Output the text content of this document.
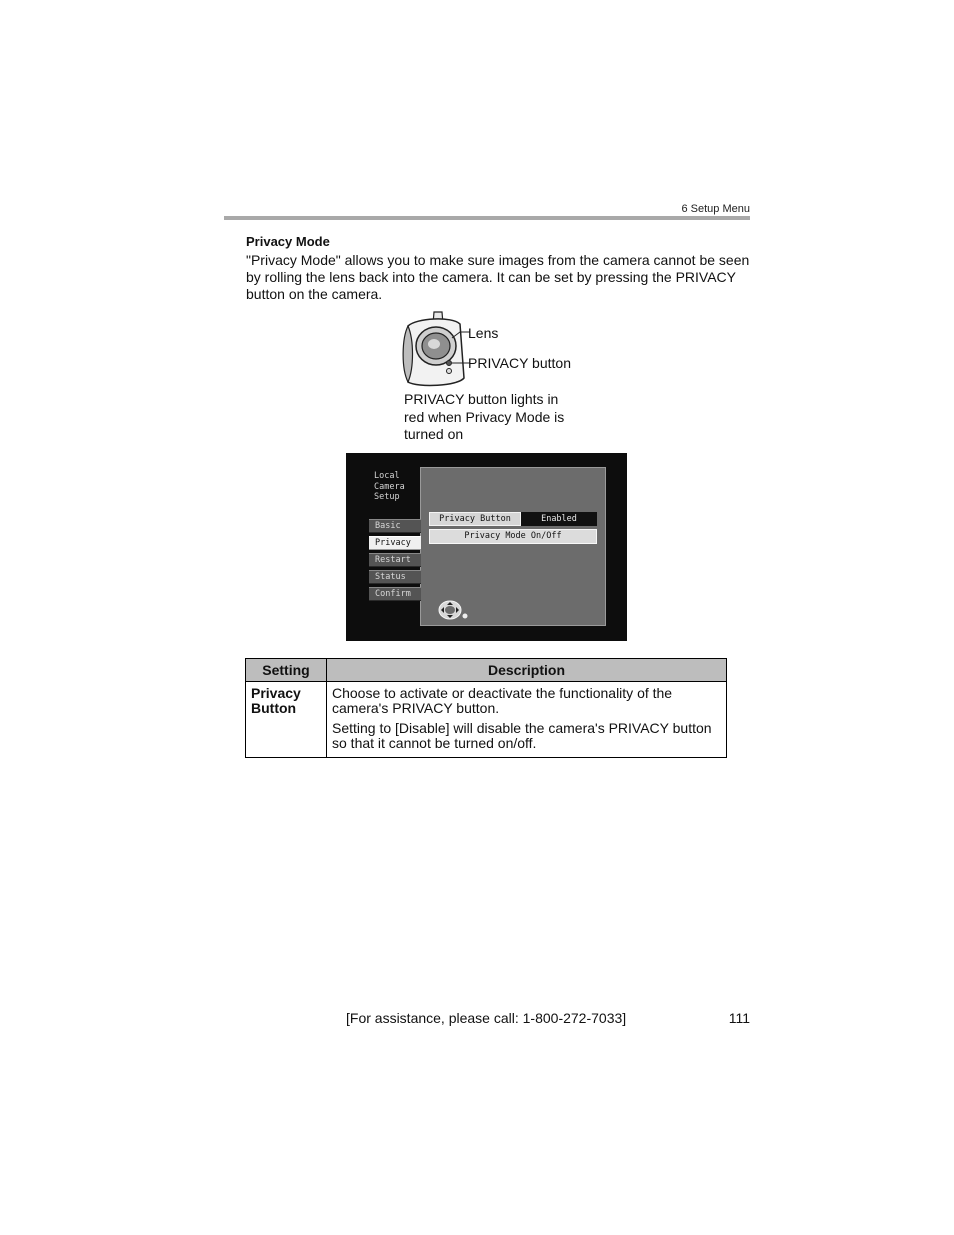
6 Setup Menu
Privacy Mode
"Privacy Mode" allows you to make sure images from the camera cannot be seen by rolling the lens back into the camera. It can be set by pressing the PRIVACY button on the camera.
Lens
PRIVACY button
PRIVACY button lights in red when Privacy Mode is turned on
Local
Camera
Setup
Basic
Privacy
Restart
Status
Confirm
Privacy Button	Enabled
Privacy Mode On/Off
Setting	Description
Privacy Button	Choose to activate or deactivate the functionality of the camera's PRIVACY button.

Setting to [Disable] will disable the camera's PRIVACY button so that it cannot be turned on/off.

[For assistance, please call: 1-800-272-7033]	111
